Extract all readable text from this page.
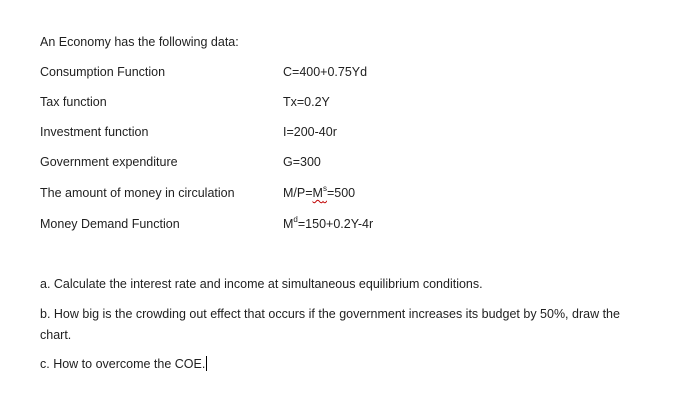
An Economy has the following data:
Consumption Function	C=400+0.75Yd
Tax function	Tx=0.2Y
Investment function	I=200-40r
Government expenditure	G=300
The amount of money in circulation	$M/P=M^s=500$
Money Demand Function	$M^d=150+0.2Y-4r$
a. Calculate the interest rate and income at simultaneous equilibrium conditions.
b. How big is the crowding out effect that occurs if the government increases its budget by 50%, draw the chart.
c. How to overcome the COE.
